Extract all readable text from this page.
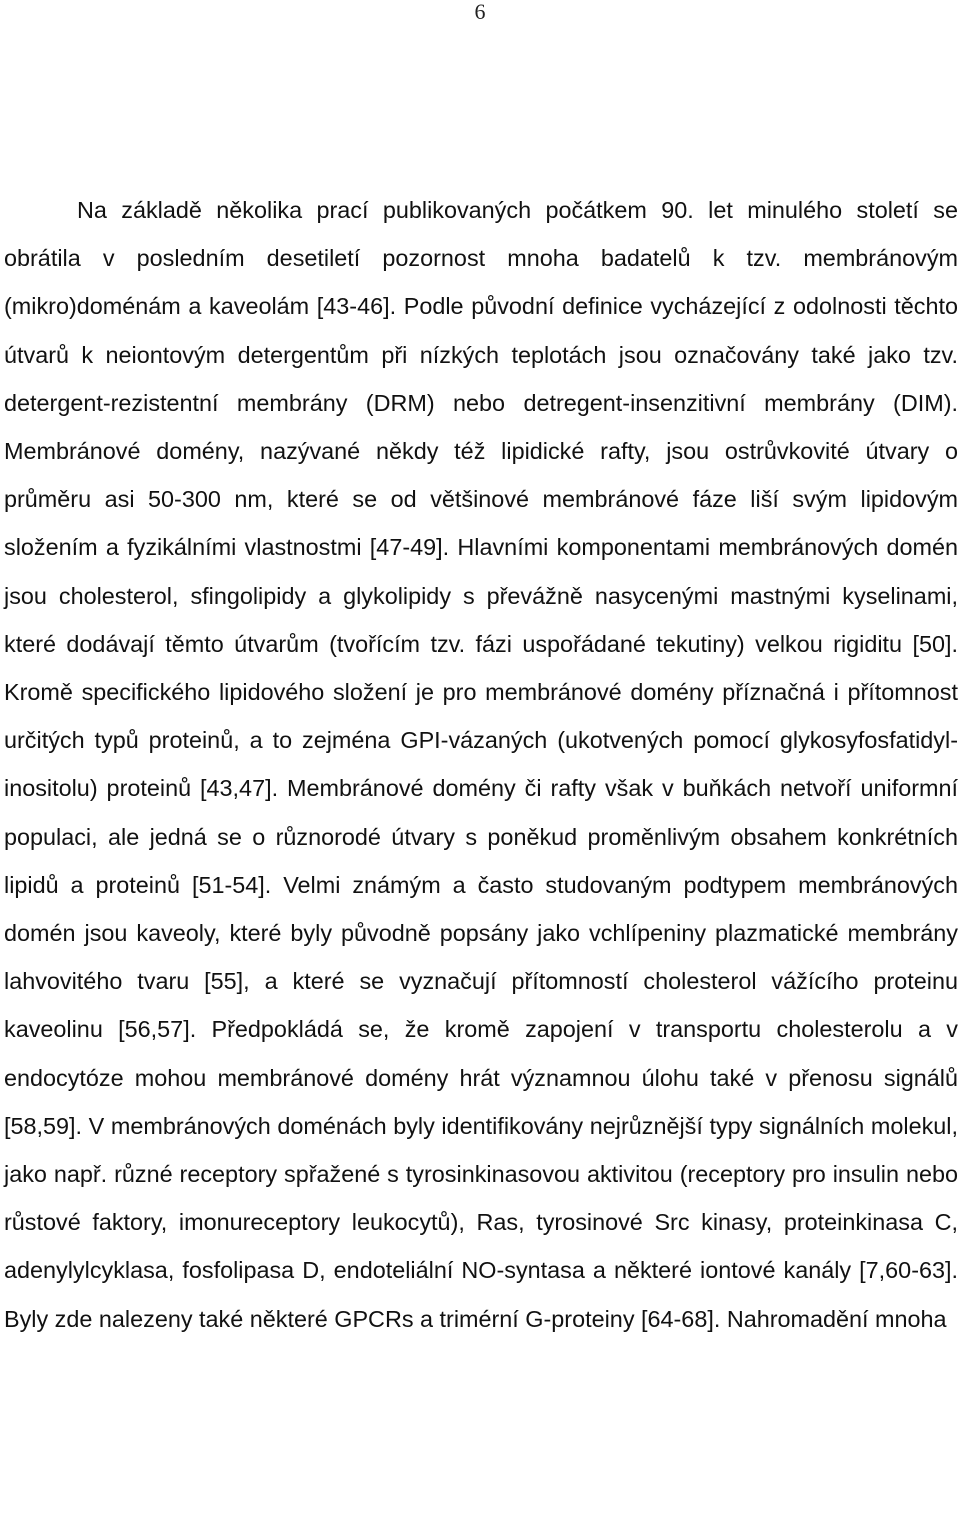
6

Na základě několika prací publikovaných počátkem 90. let minulého století se obrátila v posledním desetiletí pozornost mnoha badatelů k tzv. membránovým (mikro)doménám a kaveolám [43-46]. Podle původní definice vycházející z odolnosti těchto útvarů k neiontovým detergentům při nízkých teplotách jsou označovány také jako tzv. detergent-rezistentní membrány (DRM) nebo detregent-insenzitivní membrány (DIM). Membránové domény, nazývané někdy též lipidické rafty, jsou ostrůvkovité útvary o průměru asi 50-300 nm, které se od většinové membránové fáze liší svým lipidovým složením a fyzikálními vlastnostmi [47-49]. Hlavními komponentami membránových domén jsou cholesterol, sfingolipidy a glykolipidy s převážně nasycenými mastnými kyselinami, které dodávají těmto útvarům (tvořícím tzv. fázi uspořádané tekutiny) velkou rigiditu [50]. Kromě specifického lipidového složení je pro membránové domény příznačná i přítomnost určitých typů proteinů, a to zejména GPI-vázaných (ukotvených pomocí glykosyfosfatidyl-inositolu) proteinů [43,47]. Membránové domény či rafty však v buňkách netvoří uniformní populaci, ale jedná se o různorodé útvary s poněkud proměnlivým obsahem konkrétních lipidů a proteinů [51-54]. Velmi známým a často studovaným podtypem membránových domén jsou kaveoly, které byly původně popsány jako vchlípeniny plazmatické membrány lahvovitého tvaru [55], a které se vyznačují přítomností cholesterol vážícího proteinu kaveolinu [56,57]. Předpokládá se, že kromě zapojení v transportu cholesterolu a v endocytóze mohou membránové domény hrát významnou úlohu také v přenosu signálů [58,59]. V membránových doménách byly identifikovány nejrůznější typy signálních molekul, jako např. různé receptory spřažené s tyrosinkinasovou aktivitou (receptory pro insulin nebo růstové faktory, imonureceptory leukocytů), Ras, tyrosinové Src kinasy, proteinkinasa C, adenylylcyklasa, fosfolipasa D, endoteliální NO-syntasa a některé iontové kanály [7,60-63]. Byly zde nalezeny také některé GPCRs a trimérní G-proteiny [64-68]. Nahromadění mnoha
